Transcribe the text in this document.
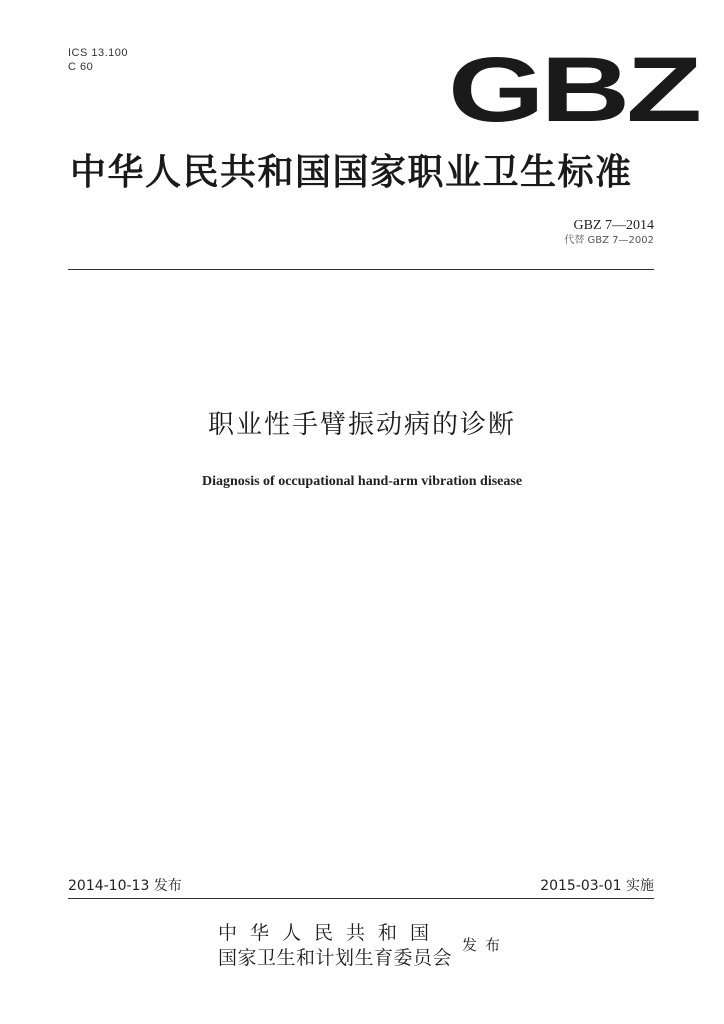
ICS 13.100
C 60	GBZ
中华人民共和国国家职业卫生标准
GBZ 7—2014
代替 GBZ 7—2002
职业性手臂振动病的诊断
Diagnosis of occupational hand-arm vibration disease
2014-10-13 发布	2015-03-01 实施
中华人民共和国
国家卫生和计划生育委员会
发布
